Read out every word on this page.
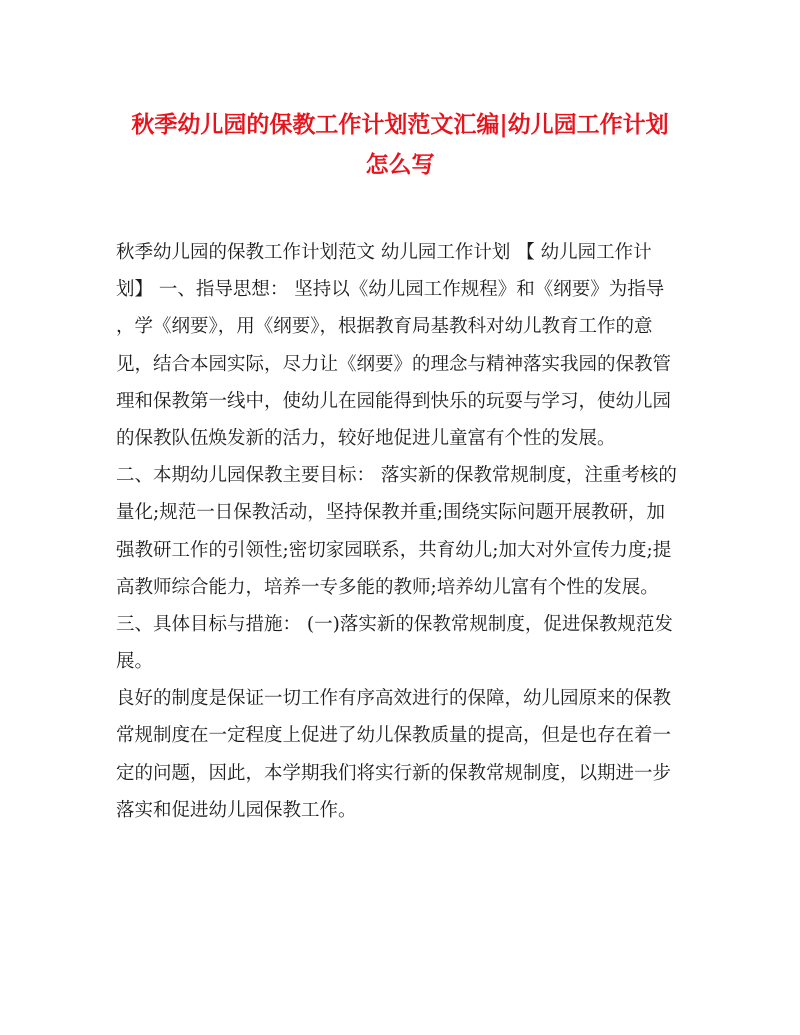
秋季幼儿园的保教工作计划范文汇编|幼儿园工作计划
怎么写
秋季幼儿园的保教工作计划范文 幼儿园工作计划 【 幼儿园工作计
划】 一、指导思想： 坚持以《幼儿园工作规程》和《纲要》为指导
，学《纲要》，用《纲要》，根据教育局基教科对幼儿教育工作的意
见，结合本园实际，尽力让《纲要》的理念与精神落实我园的保教管
理和保教第一线中，使幼儿在园能得到快乐的玩耍与学习，使幼儿园
的保教队伍焕发新的活力，较好地促进儿童富有个性的发展。
二、本期幼儿园保教主要目标： 落实新的保教常规制度，注重考核的
量化;规范一日保教活动，坚持保教并重;围绕实际问题开展教研，加
强教研工作的引领性;密切家园联系，共育幼儿;加大对外宣传力度;提
高教师综合能力，培养一专多能的教师;培养幼儿富有个性的发展。
三、具体目标与措施： (一)落实新的保教常规制度，促进保教规范发
展。
良好的制度是保证一切工作有序高效进行的保障，幼儿园原来的保教
常规制度在一定程度上促进了幼儿保教质量的提高，但是也存在着一
定的问题，因此，本学期我们将实行新的保教常规制度，以期进一步
落实和促进幼儿园保教工作。
